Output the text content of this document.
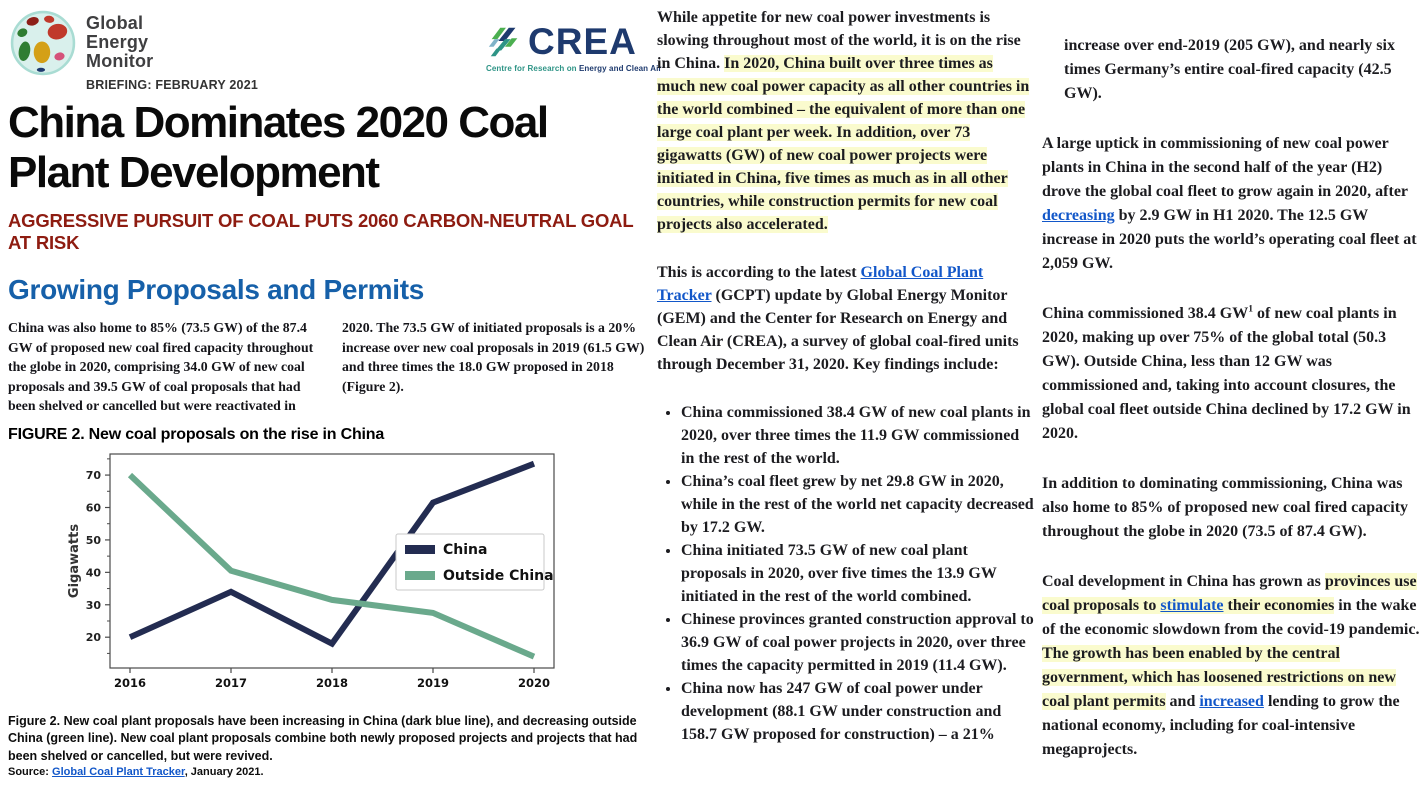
Global
Energy
Monitor
BRIEFING: FEBRUARY 2021
CREA
Centre for Research on Energy and Clean Air
China Dominates 2020 Coal Plant Development
AGGRESSIVE PURSUIT OF COAL PUTS 2060 CARBON-NEUTRAL GOAL AT RISK
Growing Proposals and Permits

China was also home to 85% (73.5 GW) of the 87.4 GW of proposed new coal fired capacity throughout the globe in 2020, comprising 34.0 GW of new coal proposals and 39.5 GW of coal proposals that had been shelved or cancelled but were reactivated in

2020. The 73.5 GW of initiated proposals is a 20% increase over new coal proposals in 2019 (61.5 GW) and three times the 18.0 GW proposed in 2018 (Figure 2).

FIGURE 2. New coal proposals on the rise in China
20
30
40
50
60
70
2016	2017	2018	2019	2020
Gigawatts	China
Outside China

Figure 2. New coal plant proposals have been increasing in China (dark blue line), and decreasing outside China (green line). New coal plant proposals combine both newly proposed projects and projects that had been shelved or cancelled, but were revived.

Source: Global Coal Plant Tracker, January 2021.

While appetite for new coal power investments is slowing throughout most of the world, it is on the rise in China. In 2020, China built over three times as much new coal power capacity as all other countries in the world combined – the equivalent of more than one large coal plant per week. In addition, over 73 gigawatts (GW) of new coal power projects were initiated in China, five times as much as in all other countries, while construction permits for new coal projects also accelerated.

This is according to the latest Global Coal Plant Tracker (GCPT) update by Global Energy Monitor (GEM) and the Center for Research on Energy and Clean Air (CREA), a survey of global coal-fired units through December 31, 2020. Key findings include:

• China commissioned 38.4 GW of new coal plants in 2020, over three times the 11.9 GW commissioned in the rest of the world.
• China’s coal fleet grew by net 29.8 GW in 2020, while in the rest of the world net capacity decreased by 17.2 GW.
• China initiated 73.5 GW of new coal plant proposals in 2020, over five times the 13.9 GW initiated in the rest of the world combined.
• Chinese provinces granted construction approval to 36.9 GW of coal power projects in 2020, over three times the capacity permitted in 2019 (11.4 GW).
• China now has 247 GW of coal power under development (88.1 GW under construction and 158.7 GW proposed for construction) – a 21%

increase over end-2019 (205 GW), and nearly six times Germany’s entire coal-fired capacity (42.5 GW).

A large uptick in commissioning of new coal power plants in China in the second half of the year (H2) drove the global coal fleet to grow again in 2020, after decreasing by 2.9 GW in H1 2020. The 12.5 GW increase in 2020 puts the world’s operating coal fleet at 2,059 GW.

China commissioned 38.4 $GW^1$ of new coal plants in 2020, making up over 75% of the global total (50.3 GW). Outside China, less than 12 GW was commissioned and, taking into account closures, the global coal fleet outside China declined by 17.2 GW in 2020.

In addition to dominating commissioning, China was also home to 85% of proposed new coal fired capacity throughout the globe in 2020 (73.5 of 87.4 GW).

Coal development in China has grown as provinces use coal proposals to stimulate their economies in the wake of the economic slowdown from the covid-19 pandemic. The growth has been enabled by the central government, which has loosened restrictions on new coal plant permits and increased lending to grow the national economy, including for coal-intensive megaprojects.
